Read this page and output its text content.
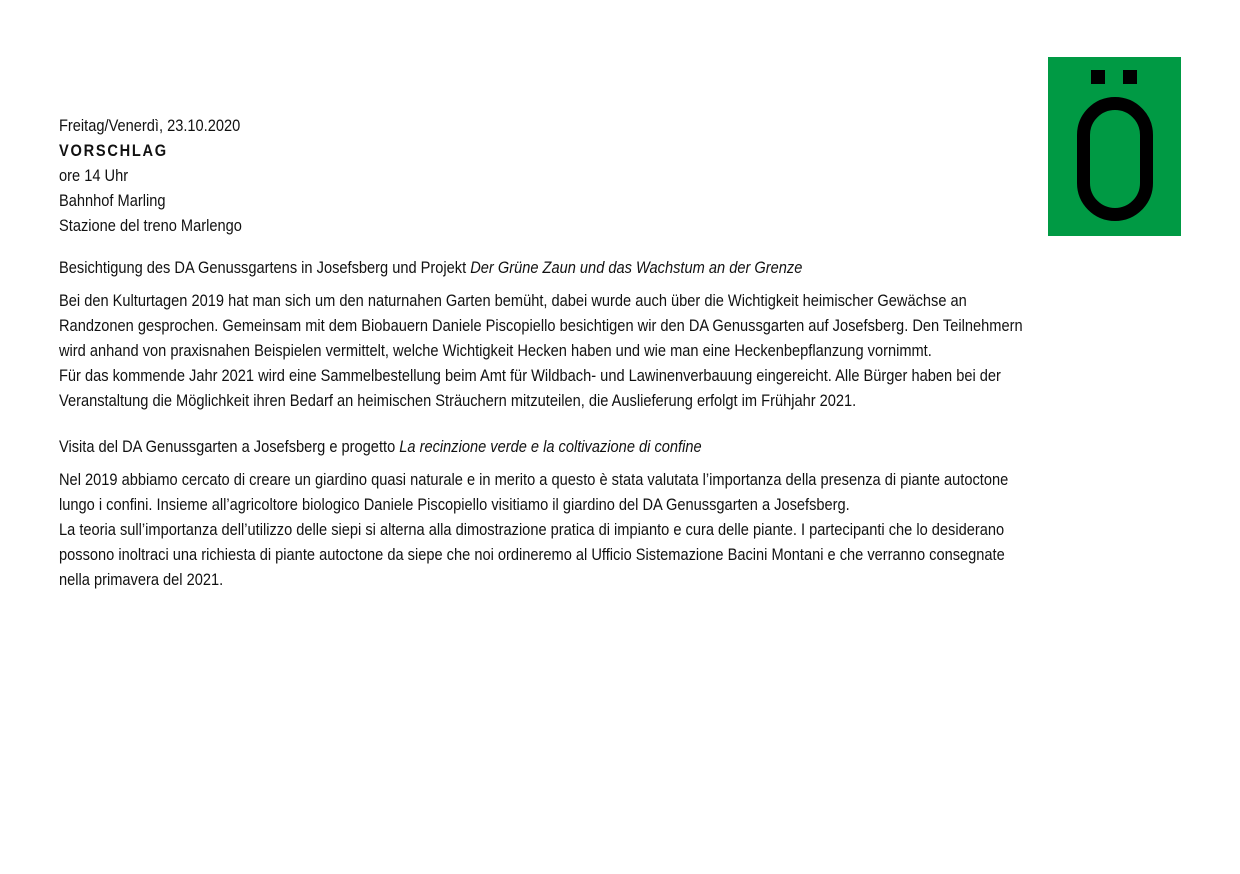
Freitag/Venerdì, 23.10.2020
VORSCHLAG
ore 14 Uhr
Bahnhof Marling
Stazione del treno Marlengo

Besichtigung des DA Genussgartens in Josefsberg und Projekt Der Grüne Zaun und das Wachstum an der Grenze

Bei den Kulturtagen 2019 hat man sich um den naturnahen Garten bemüht, dabei wurde auch über die Wichtigkeit heimischer Gewächse an

Randzonen gesprochen. Gemeinsam mit dem Biobauern Daniele Piscopiello besichtigen wir den DA Genussgarten auf Josefsberg. Den Teilnehmern

wird anhand von praxisnahen Beispielen vermittelt, welche Wichtigkeit Hecken haben und wie man eine Heckenbepflanzung vornimmt.

Für das kommende Jahr 2021 wird eine Sammelbestellung beim Amt für Wildbach- und Lawinenverbauung eingereicht. Alle Bürger haben bei der

Veranstaltung die Möglichkeit ihren Bedarf an heimischen Sträuchern mitzuteilen, die Auslieferung erfolgt im Frühjahr 2021.

Visita del DA Genussgarten a Josefsberg e progetto La recinzione verde e la coltivazione di confine

Nel 2019 abbiamo cercato di creare un giardino quasi naturale e in merito a questo è stata valutata l’importanza della presenza di piante autoctone

lungo i confini. Insieme all’agricoltore biologico Daniele Piscopiello visitiamo il giardino del DA Genussgarten a Josefsberg.

La teoria sull’importanza dell’utilizzo delle siepi si alterna alla dimostrazione pratica di impianto e cura delle piante. I partecipanti che lo desiderano

possono inoltraci una richiesta di piante autoctone da siepe che noi ordineremo al Ufficio Sistemazione Bacini Montani e che verranno consegnate

nella primavera del 2021.
